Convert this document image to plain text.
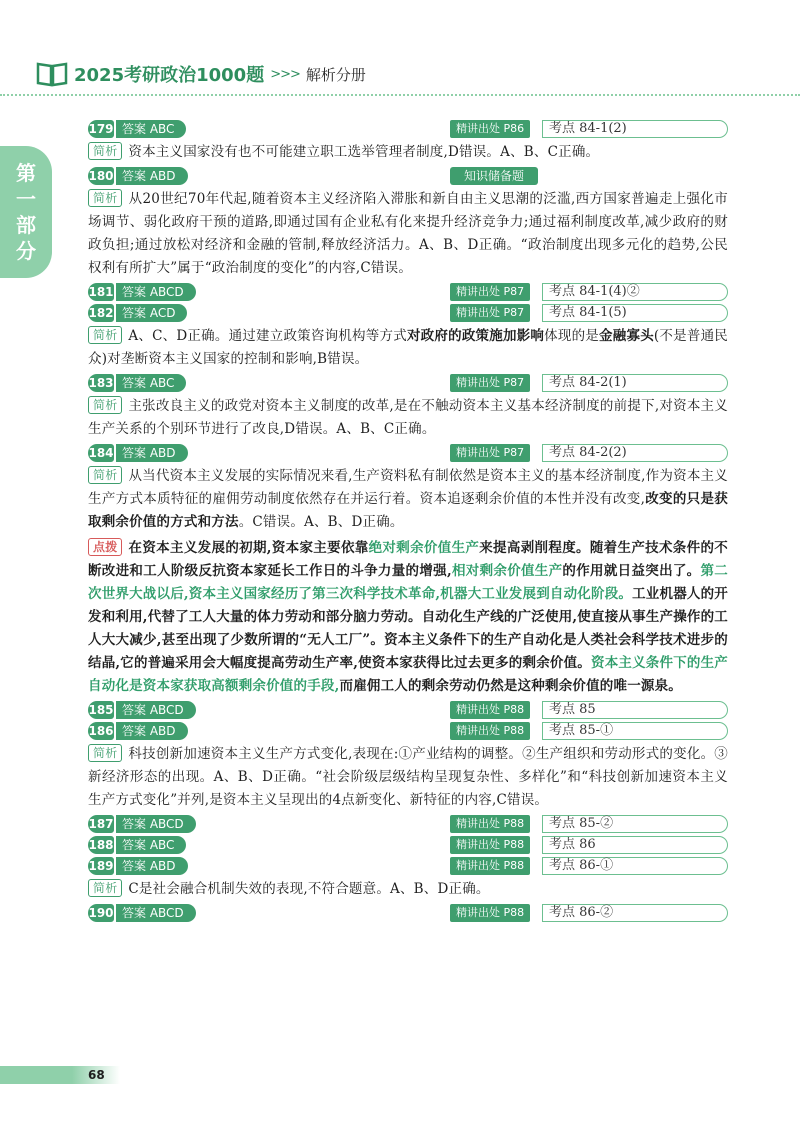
2025考研政治1000题 >>> 解析分册
第
一
部
分
179 答案 ABC	精讲出处 P86	考点 84-1(2)

简析 资本主义国家没有也不可能建立职工选举管理者制度,D错误。A、B、C正确。

180 答案 ABD	知识储备题

简析 从20世纪70年代起,随着资本主义经济陷入滞胀和新自由主义思潮的泛滥,西方国家普遍走上强化市场调节、弱化政府干预的道路,即通过国有企业私有化来提升经济竞争力;通过福利制度改革,减少政府的财政负担;通过放松对经济和金融的管制,释放经济活力。A、B、D正确。“政治制度出现多元化的趋势,公民权利有所扩大”属于“政治制度的变化”的内容,C错误。

181 答案 ABCD	精讲出处 P87	考点 84-1(4)②
182 答案 ACD	精讲出处 P87	考点 84-1(5)

简析 A、C、D正确。通过建立政策咨询机构等方式对政府的政策施加影响体现的是金融寡头(不是普通民众)对垄断资本主义国家的控制和影响,B错误。

183 答案 ABC	精讲出处 P87	考点 84-2(1)

简析 主张改良主义的政党对资本主义制度的改革,是在不触动资本主义基本经济制度的前提下,对资本主义生产关系的个别环节进行了改良,D错误。A、B、C正确。

184 答案 ABD	精讲出处 P87	考点 84-2(2)

简析 从当代资本主义发展的实际情况来看,生产资料私有制依然是资本主义的基本经济制度,作为资本主义生产方式本质特征的雇佣劳动制度依然存在并运行着。资本追逐剩余价值的本性并没有改变,改变的只是获取剩余价值的方式和方法。C错误。A、B、D正确。

点拨 在资本主义发展的初期,资本家主要依靠绝对剩余价值生产来提高剥削程度。随着生产技术条件的不断改进和工人阶级反抗资本家延长工作日的斗争力量的增强,相对剩余价值生产的作用就日益突出了。第二次世界大战以后,资本主义国家经历了第三次科学技术革命,机器大工业发展到自动化阶段。工业机器人的开发和利用,代替了工人大量的体力劳动和部分脑力劳动。自动化生产线的广泛使用,使直接从事生产操作的工人大大减少,甚至出现了少数所谓的“无人工厂”。资本主义条件下的生产自动化是人类社会科学技术进步的结晶,它的普遍采用会大幅度提高劳动生产率,使资本家获得比过去更多的剩余价值。资本主义条件下的生产自动化是资本家获取高额剩余价值的手段,而雇佣工人的剩余劳动仍然是这种剩余价值的唯一源泉。

185 答案 ABCD	精讲出处 P88	考点 85
186 答案 ABD	精讲出处 P88	考点 85-①

简析 科技创新加速资本主义生产方式变化,表现在:①产业结构的调整。②生产组织和劳动形式的变化。③新经济形态的出现。A、B、D正确。“社会阶级层级结构呈现复杂性、多样化”和“科技创新加速资本主义生产方式变化”并列,是资本主义呈现出的4点新变化、新特征的内容,C错误。

187 答案 ABCD	精讲出处 P88	考点 85-②
188 答案 ABC	精讲出处 P88	考点 86
189 答案 ABD	精讲出处 P88	考点 86-①

简析 C是社会融合机制失效的表现,不符合题意。A、B、D正确。

190 答案 ABCD	精讲出处 P88	考点 86-②
68
